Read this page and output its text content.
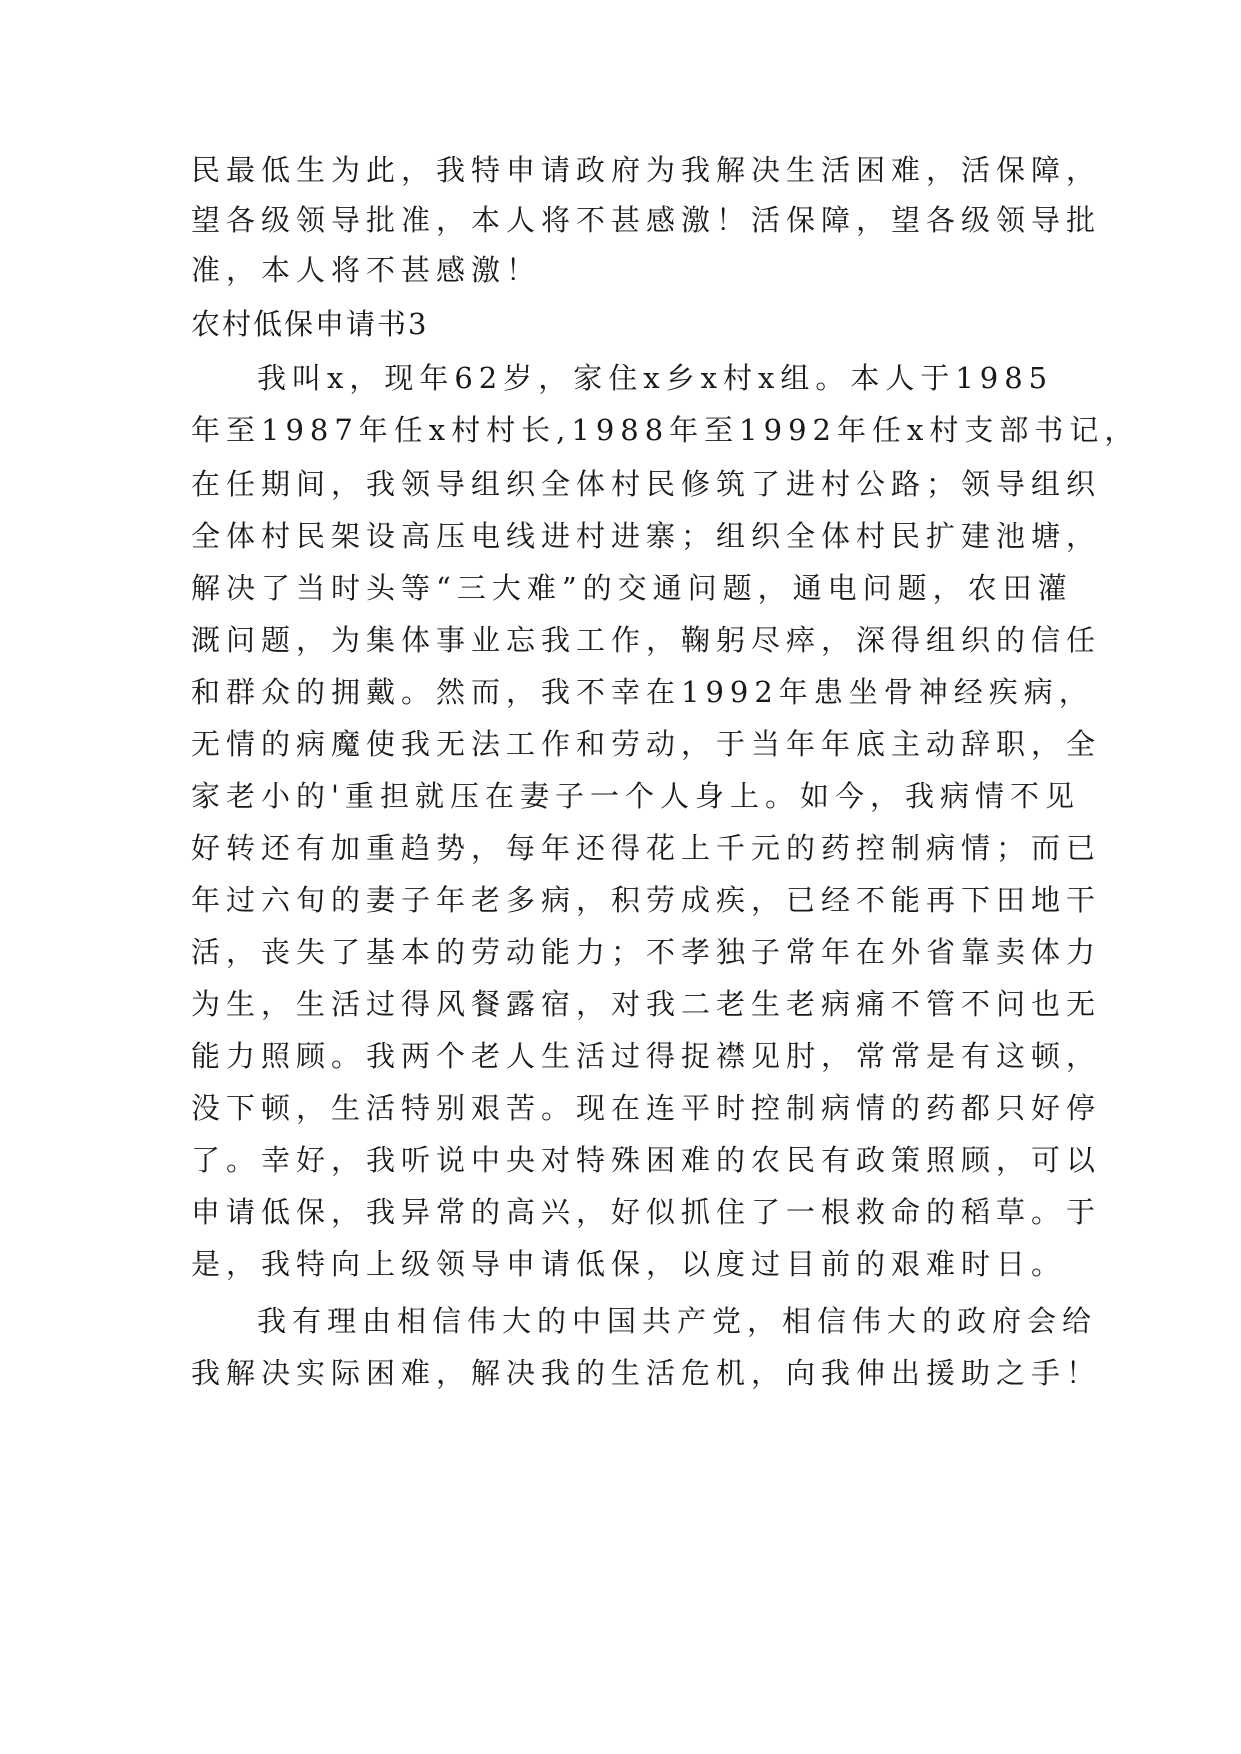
民最低生为此，我特申请政府为我解决生活困难，活保障，
望各级领导批准，本人将不甚感激！活保障，望各级领导批
准，本人将不甚感激！
农村低保申请书3
我叫x，现年62岁，家住x乡x村x组。本人于1985
年至1987年任x村村长,1988年至1992年任x村支部书记，
在任期间，我领导组织全体村民修筑了进村公路；领导组织
全体村民架设高压电线进村进寨；组织全体村民扩建池塘，
解决了当时头等“三大难”的交通问题，通电问题，农田灌
溉问题，为集体事业忘我工作，鞠躬尽瘁，深得组织的信任
和群众的拥戴。然而，我不幸在1992年患坐骨神经疾病，
无情的病魔使我无法工作和劳动，于当年年底主动辞职，全
家老小的'重担就压在妻子一个人身上。如今，我病情不见
好转还有加重趋势，每年还得花上千元的药控制病情；而已
年过六旬的妻子年老多病，积劳成疾，已经不能再下田地干
活，丧失了基本的劳动能力；不孝独子常年在外省靠卖体力
为生，生活过得风餐露宿，对我二老生老病痛不管不问也无
能力照顾。我两个老人生活过得捉襟见肘，常常是有这顿，
没下顿，生活特别艰苦。现在连平时控制病情的药都只好停
了。幸好，我听说中央对特殊困难的农民有政策照顾，可以
申请低保，我异常的高兴，好似抓住了一根救命的稻草。于
是，我特向上级领导申请低保，以度过目前的艰难时日。
我有理由相信伟大的中国共产党，相信伟大的政府会给
我解决实际困难，解决我的生活危机，向我伸出援助之手！
